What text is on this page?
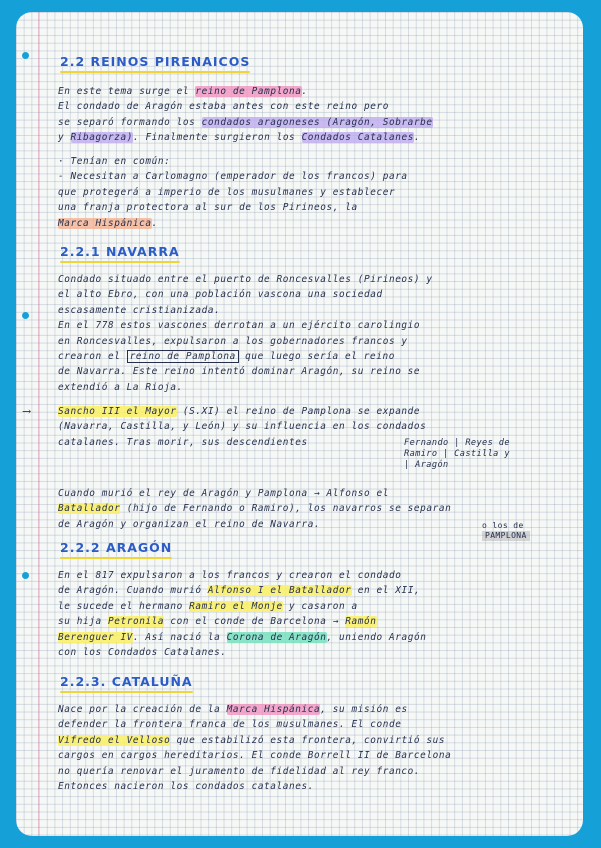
2.2 REINOS PIRENAICOS
En este tema surge el reino de Pamplona.
El condado de Aragón estaba antes con este reino pero
se separó formando los condados aragoneses (Aragón, Sobrarbe
y Ribagorza). Finalmente surgieron los Condados Catalanes.
· Tenían en común:
- Necesitan a Carlomagno (emperador de los francos) para
que protegerá a imperio de los musulmanes y establecer
una franja protectora al sur de los Pirineos, la
Marca Hispánica.
2.2.1 NAVARRA
Condado situado entre el puerto de Roncesvalles (Pirineos) y
el alto Ebro, con una población vascona una sociedad
escasamente cristianizada.
En el 778 estos vascones derrotan a un ejército carolingio
en Roncesvalles, expulsaron a los gobernadores francos y
crearon el reino de Pamplona que luego sería el reino
de Navarra. Este reino intentó dominar Aragón, su reino se
extendió a La Rioja.
→	Sancho III el Mayor (S.XI) el reino de Pamplona se expande
(Navarra, Castilla, y León) y su influencia en los condados
catalanes. Tras morir, sus descendientes	Fernando | Reyes de
Ramiro | Castilla y
| Aragón
Cuando murió el rey de Aragón y Pamplona → Alfonso el
Batallador (hijo de Fernando o Ramiro), los navarros se separan
de Aragón y organizan el reino de Navarra.	o los de
PAMPLONA
2.2.2 ARAGÓN
En el 817 expulsaron a los francos y crearon el condado
de Aragón. Cuando murió Alfonso I el Batallador en el XII,
le sucede el hermano Ramiro el Monje y casaron a
su hija Petronila con el conde de Barcelona → Ramón
Berenguer IV. Así nació la Corona de Aragón, uniendo Aragón
con los Condados Catalanes.
2.2.3. CATALUÑA
Nace por la creación de la Marca Hispánica, su misión es
defender la frontera franca de los musulmanes. El conde
Vifredo el Velloso que estabilizó esta frontera, convirtió sus
cargos en cargos hereditarios. El conde Borrell II de Barcelona
no quería renovar el juramento de fidelidad al rey franco.
Entonces nacieron los condados catalanes.
